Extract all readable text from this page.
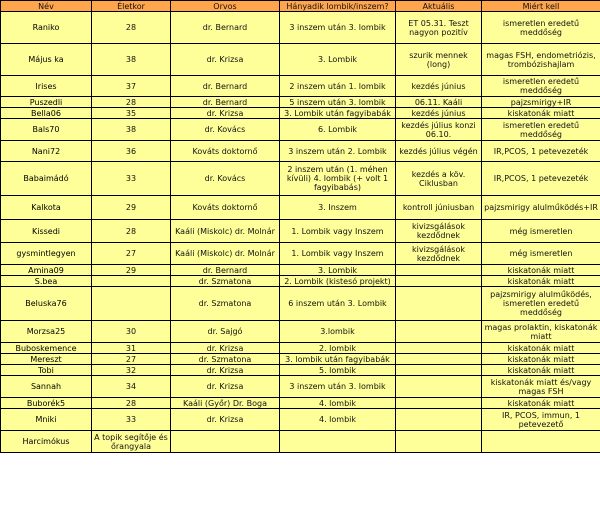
Név	Életkor	Orvos	Hányadik lombik/inszem?	Aktuális	Miért kell
Raniko	28	dr. Bernard	3 inszem után 3. lombik	ET 05.31. Teszt nagyon pozitív	ismeretlen eredetű meddőség
Május ka	38	dr. Krizsa	3. Lombik	szurik mennek (long)	magas FSH, endometriózis, trombózishajlam
Irises	37	dr. Bernard	2 inszem után 1. lombik	kezdés június	ismeretlen eredetű meddőség
Puszedli	28	dr. Bernard	5 inszem után 3. lombik	06.11. Kaáli	pajzsmirigy+IR
Bella06	35	dr. Krizsa	3. Lombik után fagyibabák	kezdés június	kiskatonák miatt
Bals70	38	dr. Kovács	6. Lombik	kezdés július konzi 06.10.	ismeretlen eredetű meddőség
Nani72	36	Kováts doktornő	3 inszem után 2. Lombik	kezdés július végén	IR,PCOS, 1 petevezeték
Babaimádó	33	dr. Kovács	2 inszem után (1. méhen kívüli) 4. lombik (+ volt 1 fagyibabás)	kezdés a köv. Ciklusban	IR,PCOS, 1 petevezeték
Kalkota	29	Kováts doktornő	3. Inszem	kontroll júniusban	pajzsmirigy alulműködés+IR
Kissedi	28	Kaáli (Miskolc) dr. Molnár	1. Lombik vagy Inszem	kivizsgálások kezdődnek	még ismeretlen
gysmintlegyen	27	Kaáli (Miskolc) dr. Molnár	1. Lombik vagy Inszem	kivizsgálások kezdődnek	még ismeretlen
Amina09	29	dr. Bernard	3. Lombik		kiskatonák miatt
S.bea		dr. Szmatona	2. Lombik (kistesó projekt)		kiskatonák miatt
Beluska76		dr. Szmatona	6 inszem után 3. Lombik		pajzsmirigy alulműködés, ismeretlen eredetű meddőség
Morzsa25	30	dr. Sajgó	3.lombik		magas prolaktin, kiskatonák miatt
Buboskemence	31	dr. Krizsa	2. lombik		kiskatonák miatt
Mereszt	27	dr. Szmatona	3. lombik után fagyibabák		kiskatonák miatt
Tobi	32	dr. Krizsa	5. lombik		kiskatonák miatt
Sannah	34	dr. Krizsa	3 inszem után 3. lombik		kiskatonák miatt és/vagy magas FSH
Buborék5	28	Kaáli (Győr) Dr. Boga	4. lombik		kiskatonák miatt
Mniki	33	dr. Krizsa	4. lombik		IR, PCOS, immun, 1 petevezető
Harcimókus	A topik segítője és őrangyala				
